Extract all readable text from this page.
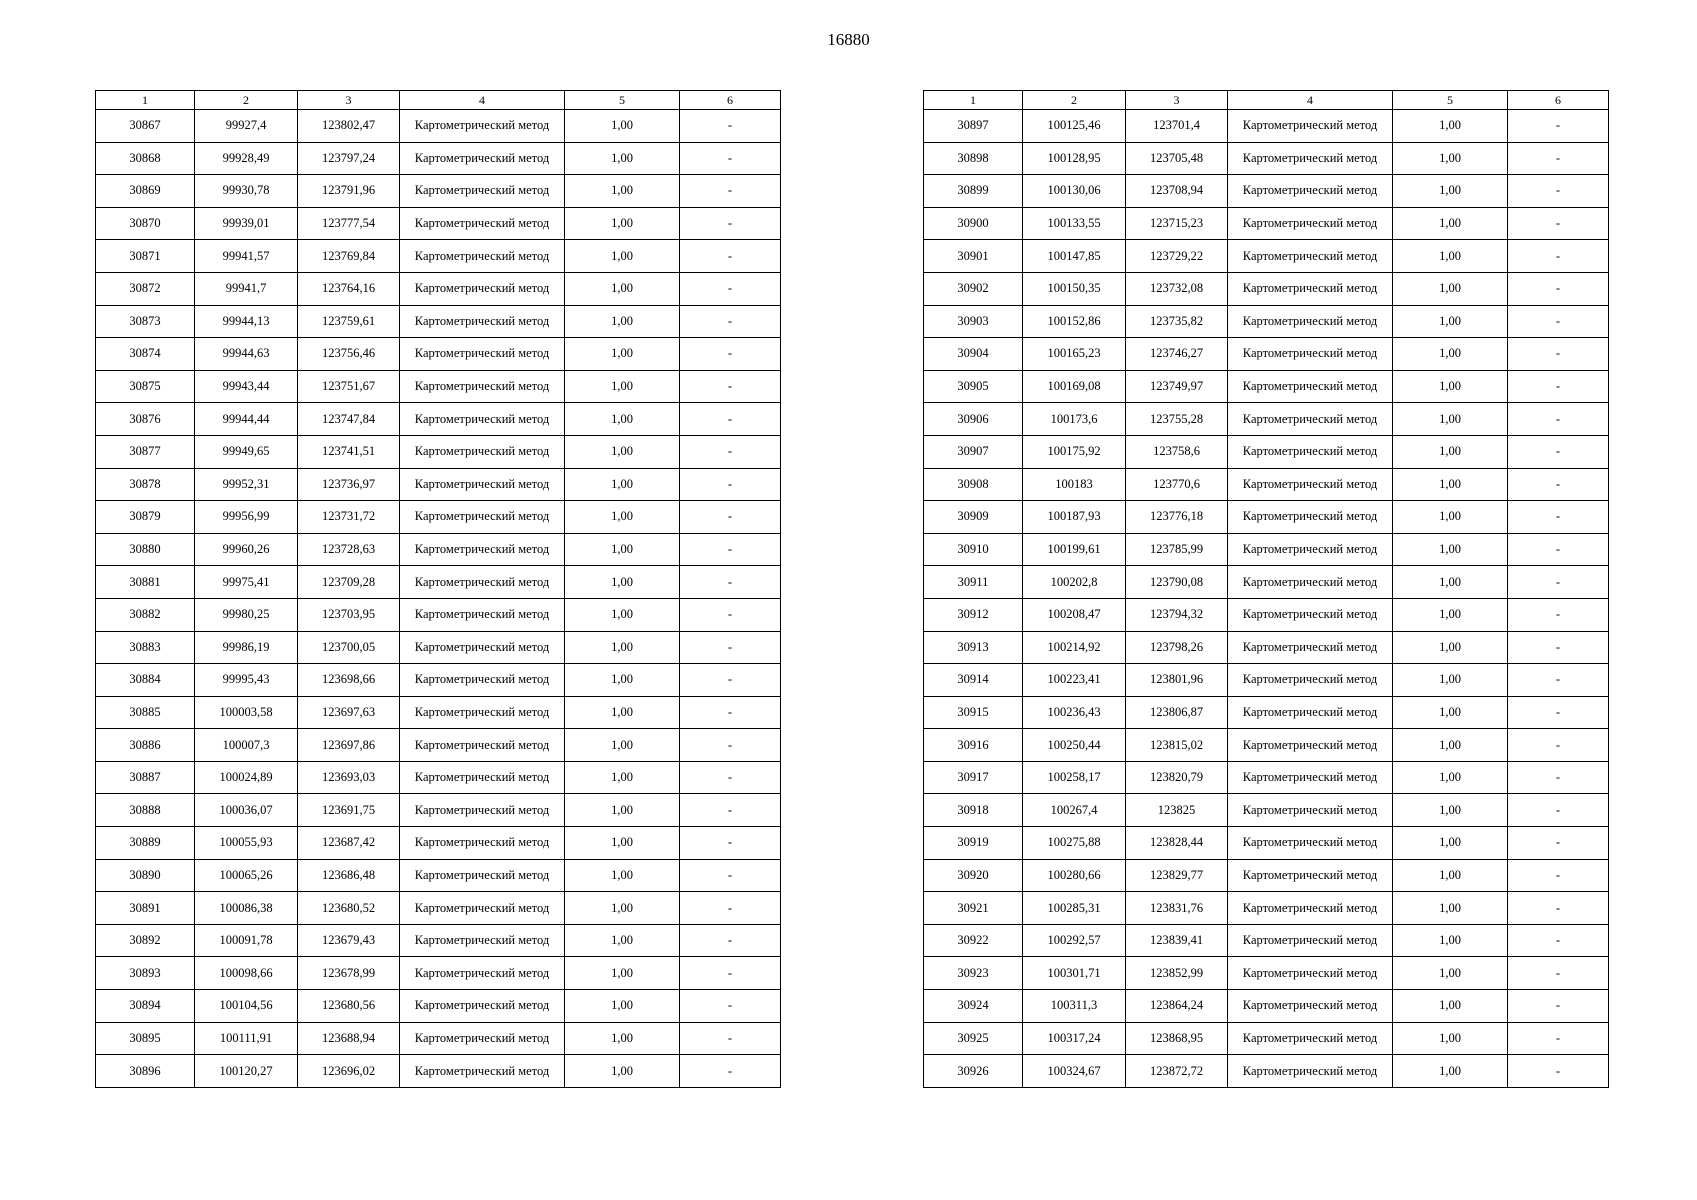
16880
1	2	3	4	5	6
30867	99927,4	123802,47	Картометрический метод	1,00	-
30868	99928,49	123797,24	Картометрический метод	1,00	-
30869	99930,78	123791,96	Картометрический метод	1,00	-
30870	99939,01	123777,54	Картометрический метод	1,00	-
30871	99941,57	123769,84	Картометрический метод	1,00	-
30872	99941,7	123764,16	Картометрический метод	1,00	-
30873	99944,13	123759,61	Картометрический метод	1,00	-
30874	99944,63	123756,46	Картометрический метод	1,00	-
30875	99943,44	123751,67	Картометрический метод	1,00	-
30876	99944,44	123747,84	Картометрический метод	1,00	-
30877	99949,65	123741,51	Картометрический метод	1,00	-
30878	99952,31	123736,97	Картометрический метод	1,00	-
30879	99956,99	123731,72	Картометрический метод	1,00	-
30880	99960,26	123728,63	Картометрический метод	1,00	-
30881	99975,41	123709,28	Картометрический метод	1,00	-
30882	99980,25	123703,95	Картометрический метод	1,00	-
30883	99986,19	123700,05	Картометрический метод	1,00	-
30884	99995,43	123698,66	Картометрический метод	1,00	-
30885	100003,58	123697,63	Картометрический метод	1,00	-
30886	100007,3	123697,86	Картометрический метод	1,00	-
30887	100024,89	123693,03	Картометрический метод	1,00	-
30888	100036,07	123691,75	Картометрический метод	1,00	-
30889	100055,93	123687,42	Картометрический метод	1,00	-
30890	100065,26	123686,48	Картометрический метод	1,00	-
30891	100086,38	123680,52	Картометрический метод	1,00	-
30892	100091,78	123679,43	Картометрический метод	1,00	-
30893	100098,66	123678,99	Картометрический метод	1,00	-
30894	100104,56	123680,56	Картометрический метод	1,00	-
30895	100111,91	123688,94	Картометрический метод	1,00	-
30896	100120,27	123696,02	Картометрический метод	1,00	-
1	2	3	4	5	6
30897	100125,46	123701,4	Картометрический метод	1,00	-
30898	100128,95	123705,48	Картометрический метод	1,00	-
30899	100130,06	123708,94	Картометрический метод	1,00	-
30900	100133,55	123715,23	Картометрический метод	1,00	-
30901	100147,85	123729,22	Картометрический метод	1,00	-
30902	100150,35	123732,08	Картометрический метод	1,00	-
30903	100152,86	123735,82	Картометрический метод	1,00	-
30904	100165,23	123746,27	Картометрический метод	1,00	-
30905	100169,08	123749,97	Картометрический метод	1,00	-
30906	100173,6	123755,28	Картометрический метод	1,00	-
30907	100175,92	123758,6	Картометрический метод	1,00	-
30908	100183	123770,6	Картометрический метод	1,00	-
30909	100187,93	123776,18	Картометрический метод	1,00	-
30910	100199,61	123785,99	Картометрический метод	1,00	-
30911	100202,8	123790,08	Картометрический метод	1,00	-
30912	100208,47	123794,32	Картометрический метод	1,00	-
30913	100214,92	123798,26	Картометрический метод	1,00	-
30914	100223,41	123801,96	Картометрический метод	1,00	-
30915	100236,43	123806,87	Картометрический метод	1,00	-
30916	100250,44	123815,02	Картометрический метод	1,00	-
30917	100258,17	123820,79	Картометрический метод	1,00	-
30918	100267,4	123825	Картометрический метод	1,00	-
30919	100275,88	123828,44	Картометрический метод	1,00	-
30920	100280,66	123829,77	Картометрический метод	1,00	-
30921	100285,31	123831,76	Картометрический метод	1,00	-
30922	100292,57	123839,41	Картометрический метод	1,00	-
30923	100301,71	123852,99	Картометрический метод	1,00	-
30924	100311,3	123864,24	Картометрический метод	1,00	-
30925	100317,24	123868,95	Картометрический метод	1,00	-
30926	100324,67	123872,72	Картометрический метод	1,00	-
